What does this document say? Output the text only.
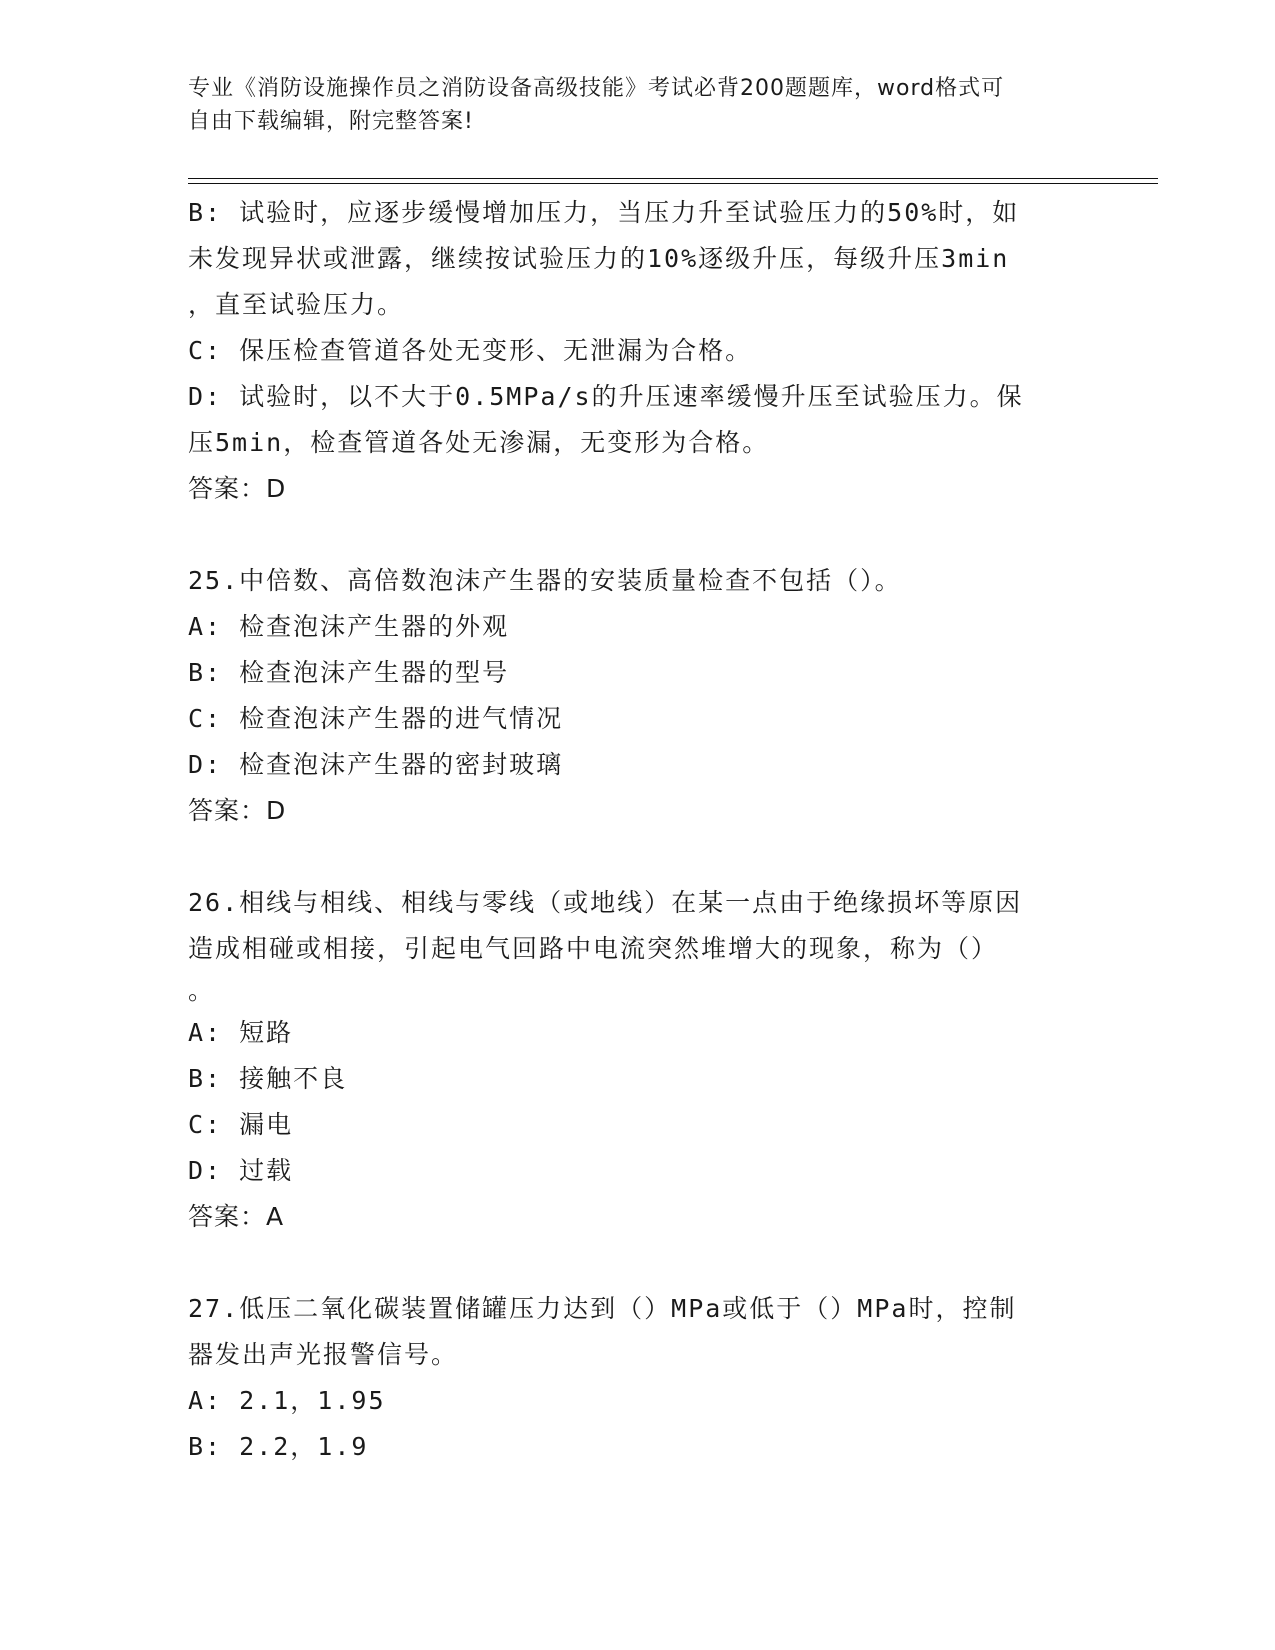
专业《消防设施操作员之消防设备高级技能》考试必背200题题库，word格式可
自由下载编辑，附完整答案!
B: 试验时，应逐步缓慢增加压力，当压力升至试验压力的50%时，如
未发现异状或泄露，继续按试验压力的10%逐级升压，每级升压3min
，直至试验压力。
C: 保压检查管道各处无变形、无泄漏为合格。
D: 试验时，以不大于0.5MPa/s的升压速率缓慢升压至试验压力。保
压5min，检查管道各处无渗漏，无变形为合格。
答案：D
25.中倍数、高倍数泡沫产生器的安装质量检查不包括（）。
A: 检查泡沫产生器的外观
B: 检查泡沫产生器的型号
C: 检查泡沫产生器的进气情况
D: 检查泡沫产生器的密封玻璃
答案：D
26.相线与相线、相线与零线（或地线）在某一点由于绝缘损坏等原因
造成相碰或相接，引起电气回路中电流突然堆增大的现象，称为（）
。
A: 短路
B: 接触不良
C: 漏电
D: 过载
答案：A
27.低压二氧化碳装置储罐压力达到（）MPa或低于（）MPa时，控制
器发出声光报警信号。
A: 2.1，1.95
B: 2.2，1.9
